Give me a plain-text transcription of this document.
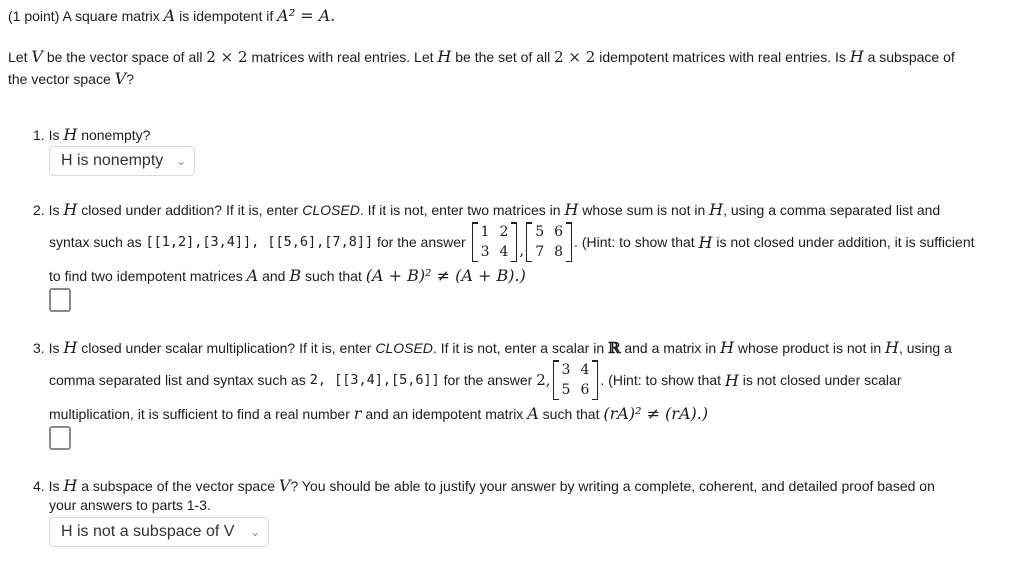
(1 point) A square matrix A is idempotent if A² = A.
Let V be the vector space of all 2 × 2 matrices with real entries. Let H be the set of all 2 × 2 idempotent matrices with real entries. Is H a subspace of
the vector space V?
1. Is H nonempty?
H is nonempty ⌄
2. Is H closed under addition? If it is, enter CLOSED. If it is not, enter two matrices in H whose sum is not in H, using a comma separated list and
syntax such as
[[1,2],[3,4]], [[5,6],[7,8]]
for the answer

1	2
3	4 ,
5	6
7	8
. (Hint: to show that
H
is not closed under addition, it is sufficient
to find two idempotent matrices A and B such that (A + B)² ≠ (A + B).)
3. Is H closed under scalar multiplication? If it is, enter CLOSED. If it is not, enter a scalar in ℝ and a matrix in H whose product is not in H, using a
comma separated list and syntax such as
2, [[3,4],[5,6]]
for the answer
2,
3	4
5	6
. (Hint: to show that
H
is not closed under scalar
multiplication, it is sufficient to find a real number r and an idempotent matrix A such that (rA)² ≠ (rA).)
4. Is H a subspace of the vector space V? You should be able to justify your answer by writing a complete, coherent, and detailed proof based on
your answers to parts 1-3.
H is not a subspace of V ⌄
